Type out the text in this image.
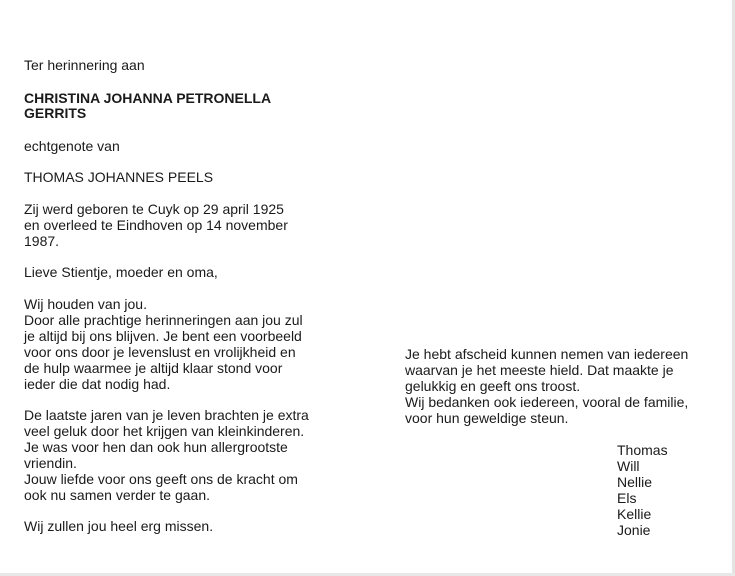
Ter herinnering aan
CHRISTINA JOHANNA PETRONELLA
GERRITS
echtgenote van
THOMAS JOHANNES PEELS
Zij werd geboren te Cuyk op 29 april 1925
en overleed te Eindhoven op 14 november
1987.
Lieve Stientje, moeder en oma,
Wij houden van jou.
Door alle prachtige herinneringen aan jou zul
je altijd bij ons blijven. Je bent een voorbeeld
voor ons door je levenslust en vrolijkheid en
de hulp waarmee je altijd klaar stond voor
ieder die dat nodig had.
De laatste jaren van je leven brachten je extra
veel geluk door het krijgen van kleinkinderen.
Je was voor hen dan ook hun allergrootste
vriendin.
Jouw liefde voor ons geeft ons de kracht om
ook nu samen verder te gaan.
Wij zullen jou heel erg missen.
Je hebt afscheid kunnen nemen van iedereen
waarvan je het meeste hield. Dat maakte je
gelukkig en geeft ons troost.
Wij bedanken ook iedereen, vooral de familie,
voor hun geweldige steun.
Thomas
Will
Nellie
Els
Kellie
Jonie
